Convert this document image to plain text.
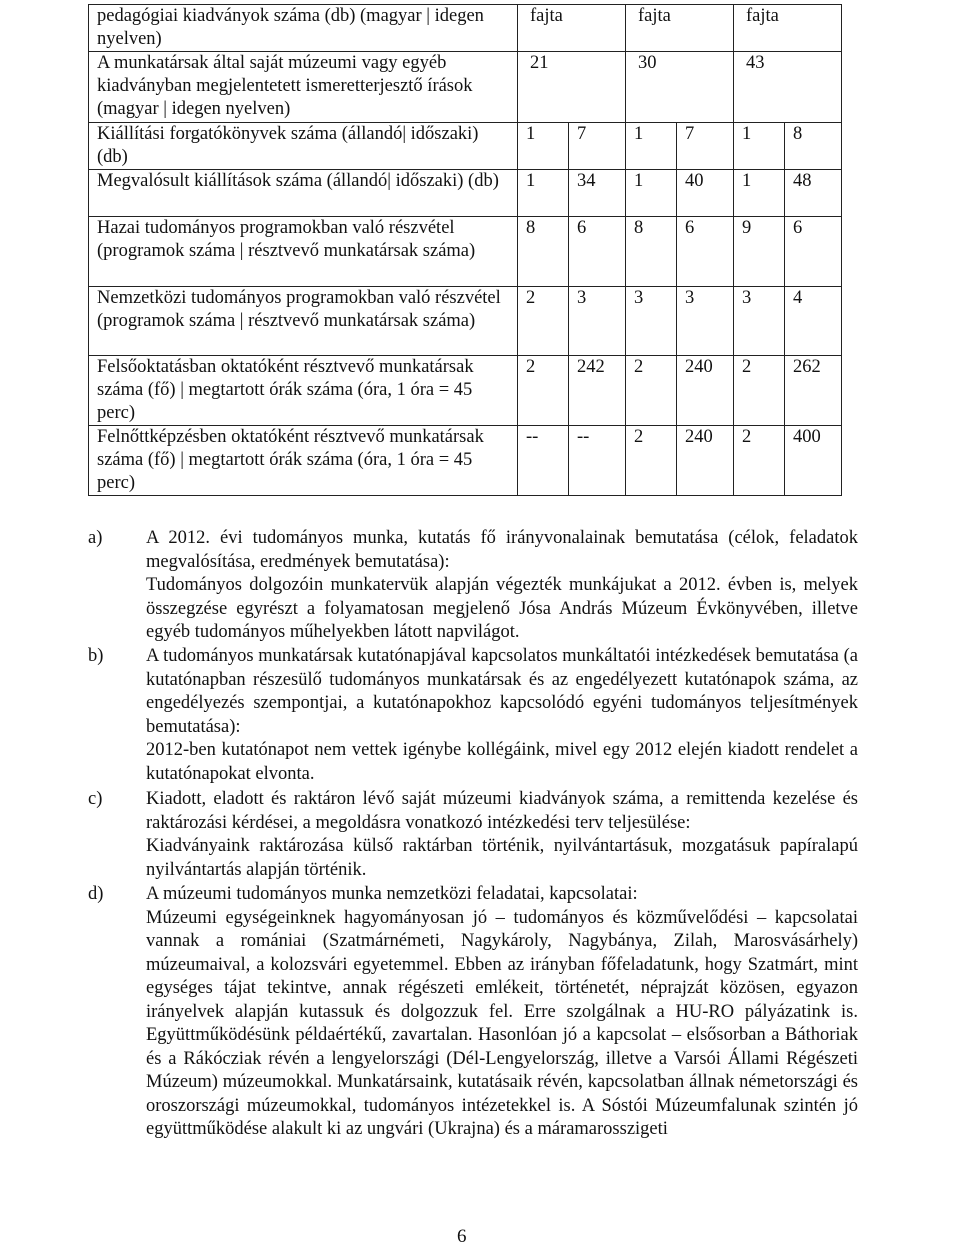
pedagógiai kiadványok száma (db) (magyar | idegen nyelven)	fajta		fajta		fajta	
A munkatársak által saját múzeumi vagy egyéb kiadványban megjelentetett ismeretterjesztő írások (magyar | idegen nyelven)	21		30		43	
Kiállítási forgatókönyvek száma (állandó| időszaki) (db)	1	7	1	7	1	8
Megvalósult kiállítások száma (állandó| időszaki) (db)	1	34	1	40	1	48
Hazai tudományos programokban való részvétel (programok száma | résztvevő munkatársak száma)	8	6	8	6	9	6
Nemzetközi tudományos programokban való részvétel (programok száma | résztvevő munkatársak száma)	2	3	3	3	3	4
Felsőoktatásban oktatóként résztvevő munkatársak száma (fő) | megtartott órák száma (óra, 1 óra = 45 perc)	2	242	2	240	2	262
Felnőttképzésben oktatóként résztvevő munkatársak száma (fő) | megtartott órák száma (óra, 1 óra = 45 perc)	--	--	2	240	2	400
a) A 2012. évi tudományos munka, kutatás fő irányvonalainak bemutatása (célok, feladatok megvalósítása, eredmények bemutatása):
Tudományos dolgozóin munkatervük alapján végezték munkájukat a 2012. évben is, melyek összegzése egyrészt a folyamatosan megjelenő Jósa András Múzeum Évkönyvében, illetve egyéb tudományos műhelyekben látott napvilágot.
b) A tudományos munkatársak kutatónapjával kapcsolatos munkáltatói intézkedések bemutatása (a kutatónapban részesülő tudományos munkatársak és az engedélyezett kutatónapok száma, az engedélyezés szempontjai, a kutatónapokhoz kapcsolódó egyéni tudományos teljesítmények bemutatása):
2012-ben kutatónapot nem vettek igénybe kollégáink, mivel egy 2012 elején kiadott rendelet a kutatónapokat elvonta.
c) Kiadott, eladott és raktáron lévő saját múzeumi kiadványok száma, a remittenda kezelése és raktározási kérdései, a megoldásra vonatkozó intézkedési terv teljesülése:
Kiadványaink raktározása külső raktárban történik, nyilvántartásuk, mozgatásuk papíralapú nyilvántartás alapján történik.
d) A múzeumi tudományos munka nemzetközi feladatai, kapcsolatai:
Múzeumi egységeinknek hagyományosan jó – tudományos és közművelődési – kapcsolatai vannak a romániai (Szatmárnémeti, Nagykároly, Nagybánya, Zilah, Marosvásárhely) múzeumaival, a kolozsvári egyetemmel. Ebben az irányban főfeladatunk, hogy Szatmárt, mint egységes tájat tekintve, annak régészeti emlékeit, történetét, néprajzát közösen, egyazon irányelvek alapján kutassuk és dolgozzuk fel. Erre szolgálnak a HU-RO pályázatink is. Együttműködésünk példaértékű, zavartalan. Hasonlóan jó a kapcsolat – elsősorban a Báthoriak és a Rákócziak révén a lengyelországi (Dél-Lengyelország, illetve a Varsói Állami Régészeti Múzeum) múzeumokkal. Munkatársaink, kutatásaik révén, kapcsolatban állnak németországi és oroszországi múzeumokkal, tudományos intézetekkel is. A Sóstói Múzeumfalunak szintén jó együttműködése alakult ki az ungvári (Ukrajna) és a máramarosszigeti
6
